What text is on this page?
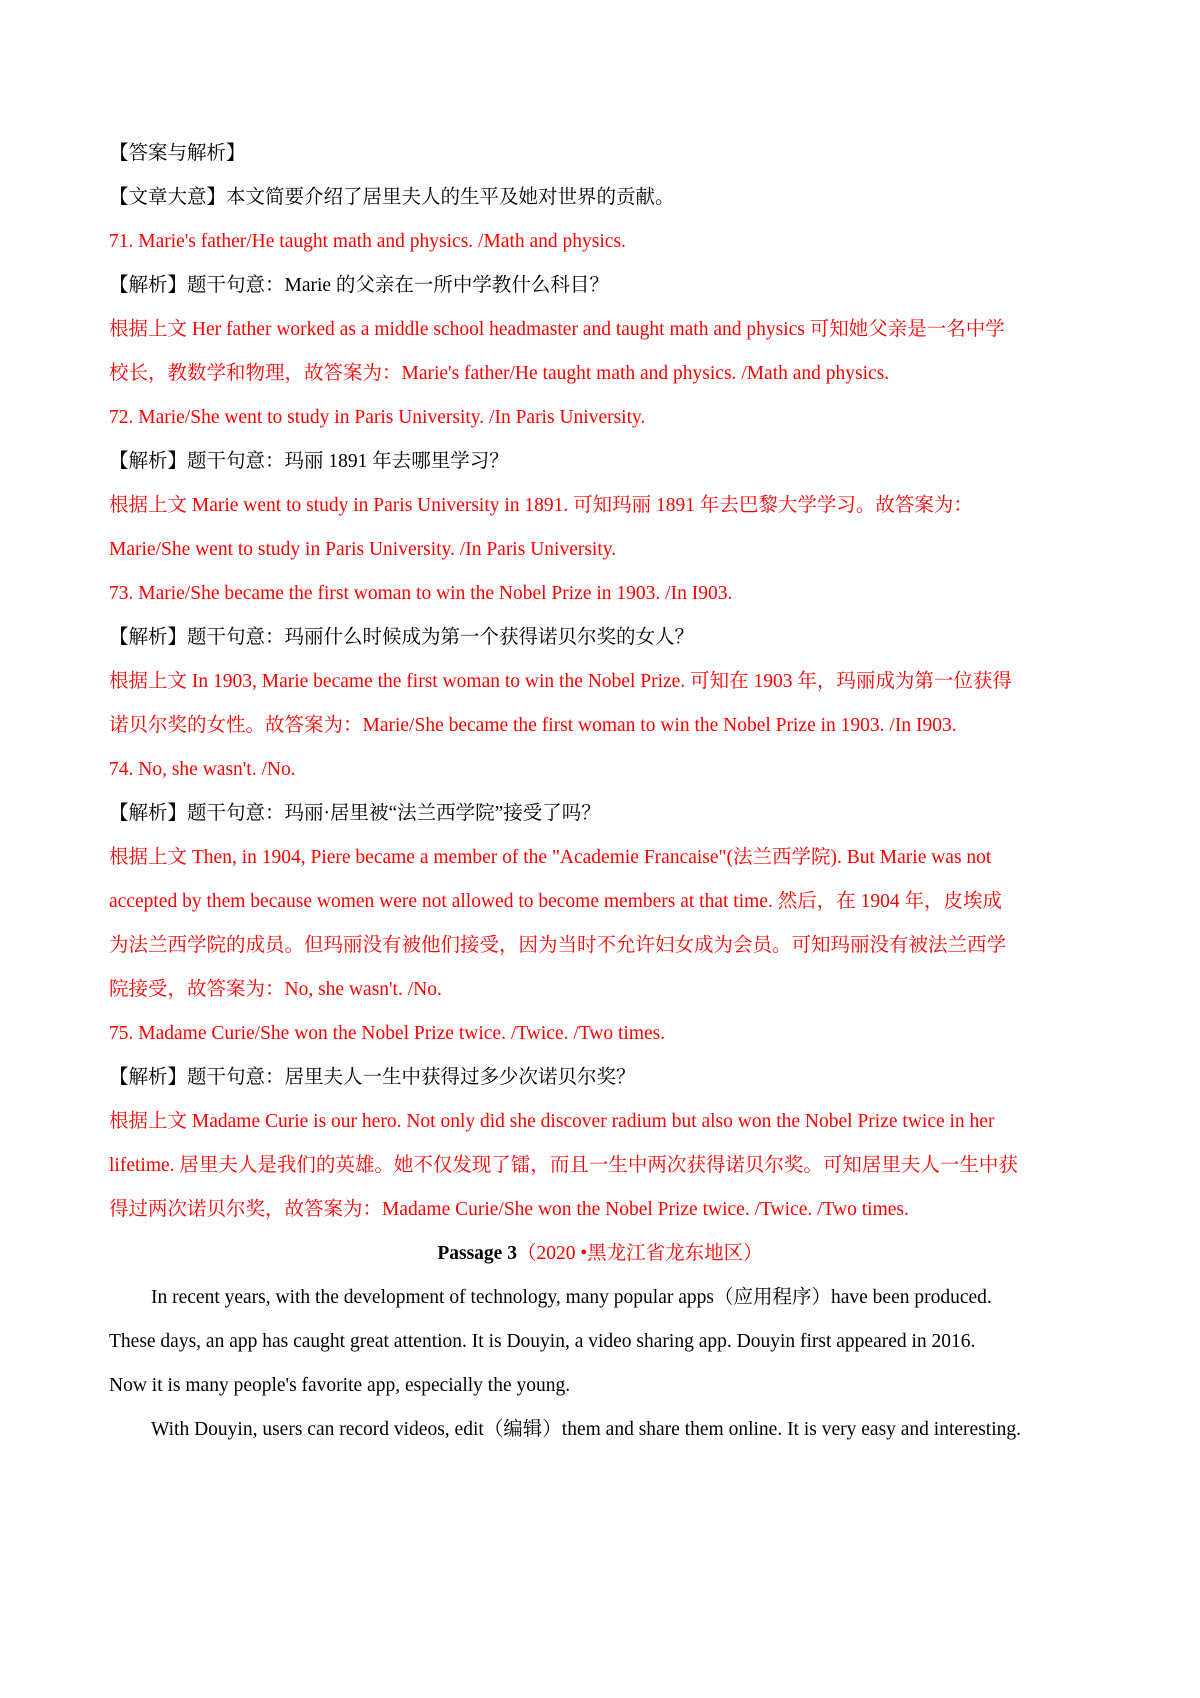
【答案与解析】
【文章大意】本文简要介绍了居里夫人的生平及她对世界的贡献。
71. Marie's father/He taught math and physics. /Math and physics.
【解析】题干句意：Marie 的父亲在一所中学教什么科目？
根据上文 Her father worked as a middle school headmaster and taught math and physics 可知她父亲是一名中学
校长，教数学和物理，故答案为：Marie's father/He taught math and physics. /Math and physics.
72. Marie/She went to study in Paris University. /In Paris University.
【解析】题干句意：玛丽 1891 年去哪里学习？
根据上文 Marie went to study in Paris University in 1891. 可知玛丽 1891 年去巴黎大学学习。故答案为：
Marie/She went to study in Paris University. /In Paris University.
73. Marie/She became the first woman to win the Nobel Prize in 1903. /In I903.
【解析】题干句意：玛丽什么时候成为第一个获得诺贝尔奖的女人？
根据上文 In 1903, Marie became the first woman to win the Nobel Prize. 可知在 1903 年，玛丽成为第一位获得
诺贝尔奖的女性。故答案为：Marie/She became the first woman to win the Nobel Prize in 1903. /In I903.
74. No, she wasn't. /No.
【解析】题干句意：玛丽·居里被“法兰西学院”接受了吗？
根据上文 Then, in 1904, Piere became a member of the "Academie Francaise"(法兰西学院). But Marie was not
accepted by them because women were not allowed to become members at that time. 然后，在 1904 年，皮埃成
为法兰西学院的成员。但玛丽没有被他们接受，因为当时不允许妇女成为会员。可知玛丽没有被法兰西学
院接受，故答案为：No, she wasn't. /No.
75. Madame Curie/She won the Nobel Prize twice. /Twice. /Two times.
【解析】题干句意：居里夫人一生中获得过多少次诺贝尔奖？
根据上文 Madame Curie is our hero. Not only did she discover radium but also won the Nobel Prize twice in her
lifetime. 居里夫人是我们的英雄。她不仅发现了镭，而且一生中两次获得诺贝尔奖。可知居里夫人一生中获
得过两次诺贝尔奖，故答案为：Madame Curie/She won the Nobel Prize twice. /Twice. /Two times.
Passage 3（2020 •黑龙江省龙东地区）
In recent years, with the development of technology, many popular apps（应用程序）have been produced.
These days, an app has caught great attention. It is Douyin, a video sharing app. Douyin first appeared in 2016.
Now it is many people's favorite app, especially the young.
With Douyin, users can record videos, edit（编辑）them and share them online. It is very easy and interesting.
